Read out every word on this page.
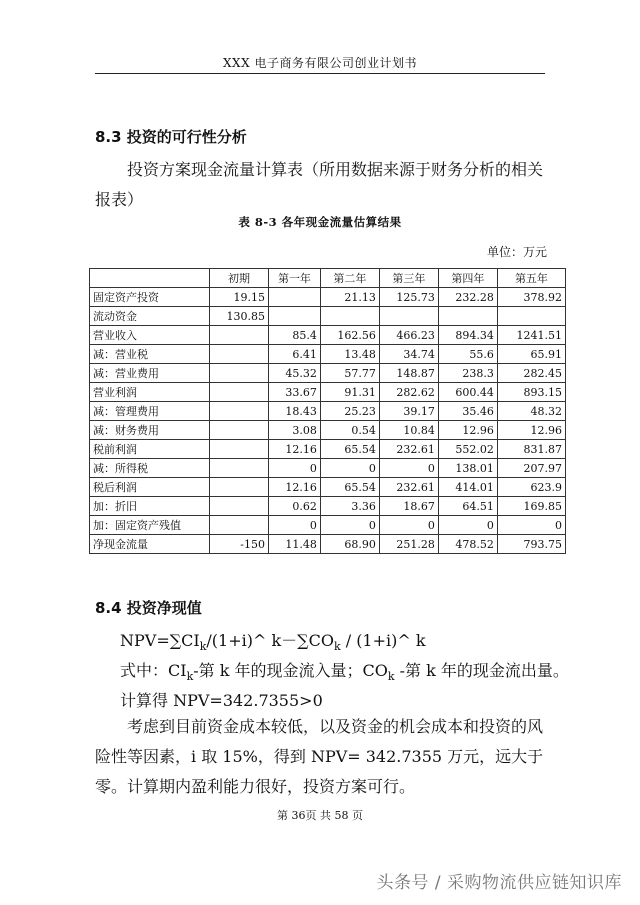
XXX 电子商务有限公司创业计划书
8.3 投资的可行性分析
投资方案现金流量计算表（所用数据来源于财务分析的相关报表）
表 8-3 各年现金流量估算结果
单位：万元
	初期	第一年	第二年	第三年	第四年	第五年
固定资产投资	19.15		21.13	125.73	232.28	378.92
流动资金	130.85					
营业收入		85.4	162.56	466.23	894.34	1241.51
减：营业税		6.41	13.48	34.74	55.6	65.91
减：营业费用		45.32	57.77	148.87	238.3	282.45
营业利润		33.67	91.31	282.62	600.44	893.15
减：管理费用		18.43	25.23	39.17	35.46	48.32
减：财务费用		3.08	0.54	10.84	12.96	12.96
税前利润		12.16	65.54	232.61	552.02	831.87
减：所得税		0	0	0	138.01	207.97
税后利润		12.16	65.54	232.61	414.01	623.9
加：折旧		0.62	3.36	18.67	64.51	169.85
加：固定资产残值		0	0	0	0	0
净现金流量	-150	11.48	68.90	251.28	478.52	793.75
8.4 投资净现值
$NPV=\sum CI_k/(1+i)\^{}$ $k-\sum CO_k$ / (1+i)^ k
式中：$CI_k-$第 k 年的现金流入量；$CO_k$ -第 k 年的现金流出量。
计算得 NPV=342.7355>0
考虑到目前资金成本较低，以及资金的机会成本和投资的风险性等因素，i 取 15%，得到 NPV= 342.7355 万元，远大于零。计算期内盈利能力很好，投资方案可行。
第 36页 共 58 页
头条号 / 采购物流供应链知识库
